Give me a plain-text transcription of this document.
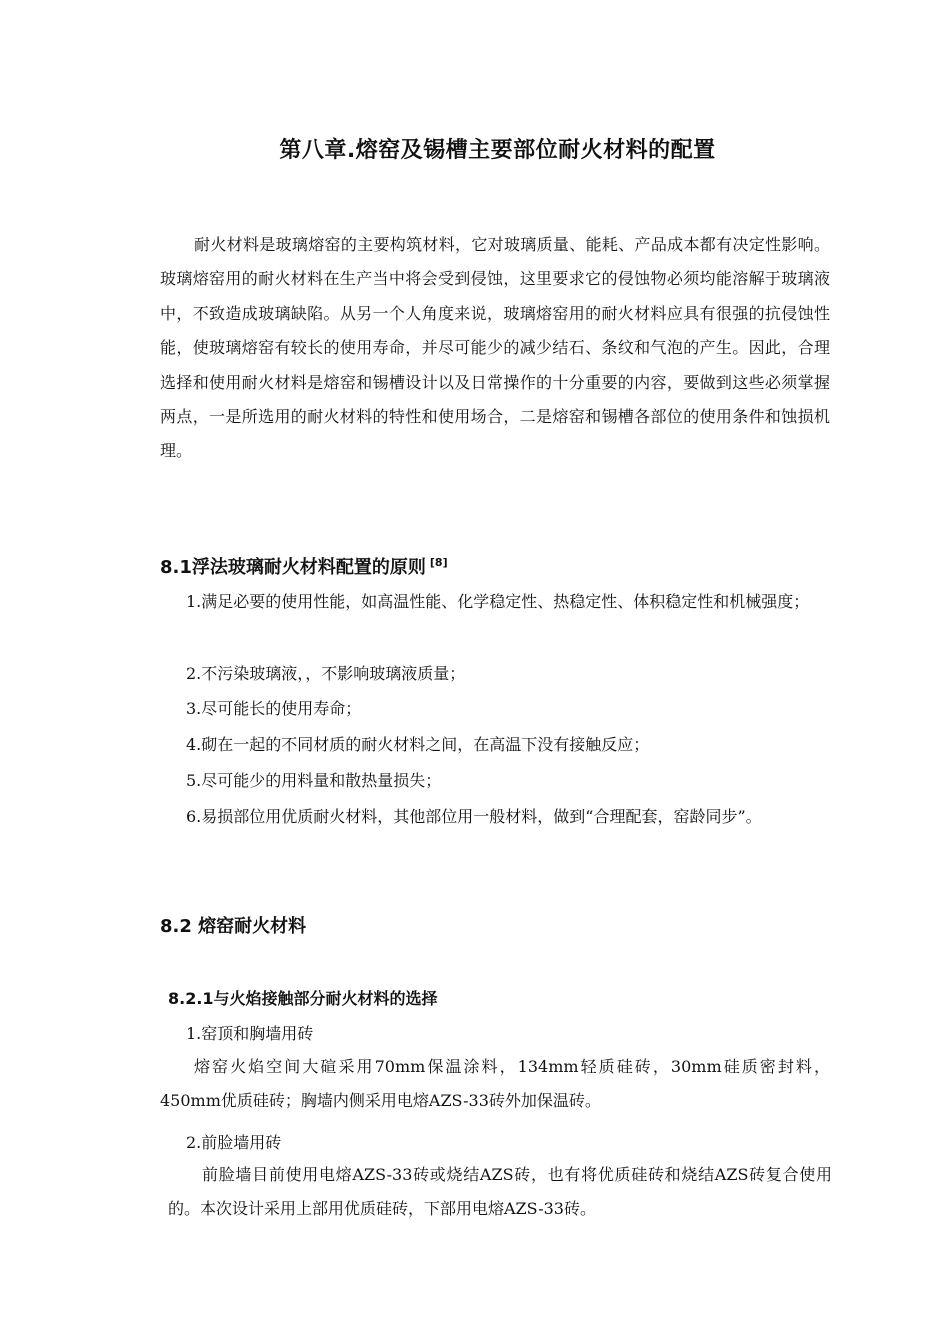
第八章.熔窑及锡槽主要部位耐火材料的配置

耐火材料是玻璃熔窑的主要构筑材料，它对玻璃质量、能耗、产品成本都有决定性影响。玻璃熔窑用的耐火材料在生产当中将会受到侵蚀，这里要求它的侵蚀物必须均能溶解于玻璃液中，不致造成玻璃缺陷。从另一个人角度来说，玻璃熔窑用的耐火材料应具有很强的抗侵蚀性能，使玻璃熔窑有较长的使用寿命，并尽可能少的减少结石、条纹和气泡的产生。因此，合理选择和使用耐火材料是熔窑和锡槽设计以及日常操作的十分重要的内容，要做到这些必须掌握两点，一是所选用的耐火材料的特性和使用场合，二是熔窑和锡槽各部位的使用条件和蚀损机理。

8.1浮法玻璃耐火材料配置的原则 [8]

1.满足必要的使用性能，如高温性能、化学稳定性、热稳定性、体积稳定性和机械强度；

2.不污染玻璃液，，不影响玻璃液质量；

3.尽可能长的使用寿命；

4.砌在一起的不同材质的耐火材料之间，在高温下没有接触反应；

5.尽可能少的用料量和散热量损失；

6.易损部位用优质耐火材料，其他部位用一般材料，做到“合理配套，窑龄同步”。

8.2 熔窑耐火材料
8.2.1与火焰接触部分耐火材料的选择

1.窑顶和胸墙用砖

熔窑火焰空间大碹采用70mm保温涂料，134mm轻质硅砖，30mm硅质密封料，450mm优质硅砖；胸墙内侧采用电熔AZS-33砖外加保温砖。

2.前脸墙用砖

前脸墙目前使用电熔AZS-33砖或烧结AZS砖，也有将优质硅砖和烧结AZS砖复合使用的。本次设计采用上部用优质硅砖，下部用电熔AZS-33砖。
